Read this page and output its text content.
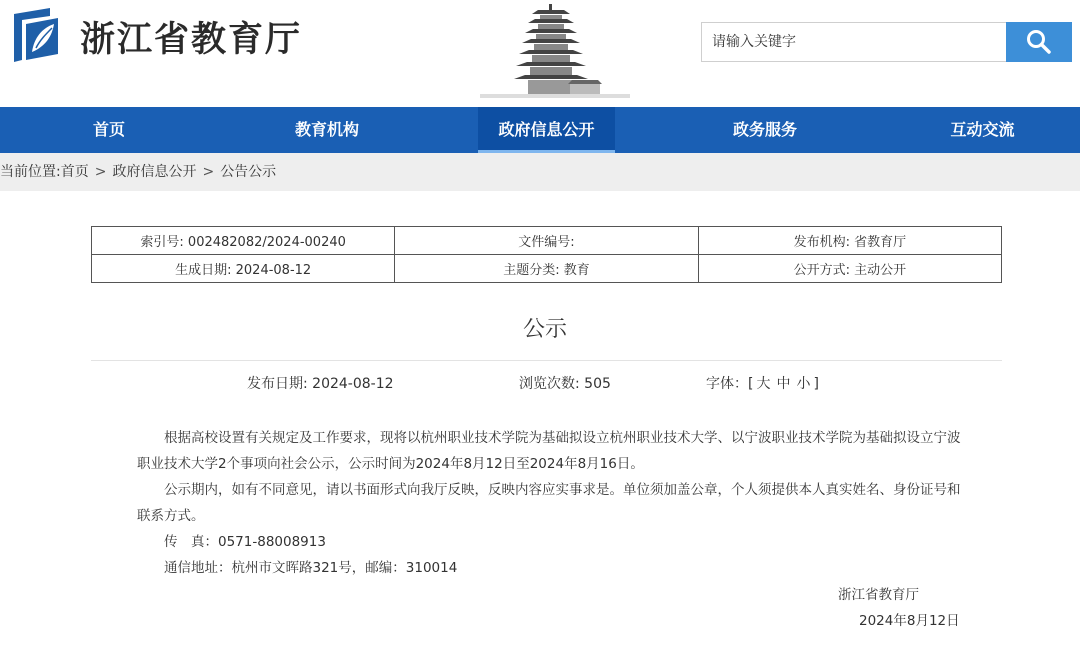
浙江省教育厅
请输入关键字
首页	教育机构	政府信息公开	政务服务	互动交流
当前位置:首页 > 政府信息公开 > 公告公示
索引号: 002482082/2024-00240	文件编号:	发布机构: 省教育厅
生成日期: 2024-08-12	主题分类: 教育	公开方式: 主动公开
公示
发布日期: 2024-08-12	浏览次数: 505	字体：[ 大 中 小 ]

根据高校设置有关规定及工作要求，现将以杭州职业技术学院为基础拟设立杭州职业技术大学、以宁波职业技术学院为基础拟设立宁波职业技术大学2个事项向社会公示，公示时间为2024年8月12日至2024年8月16日。

公示期内，如有不同意见，请以书面形式向我厅反映，反映内容应实事求是。单位须加盖公章，个人须提供本人真实姓名、身份证号和联系方式。

传　真：0571-88008913

通信地址：杭州市文晖路321号，邮编：310014

浙江省教育厅
2024年8月12日
